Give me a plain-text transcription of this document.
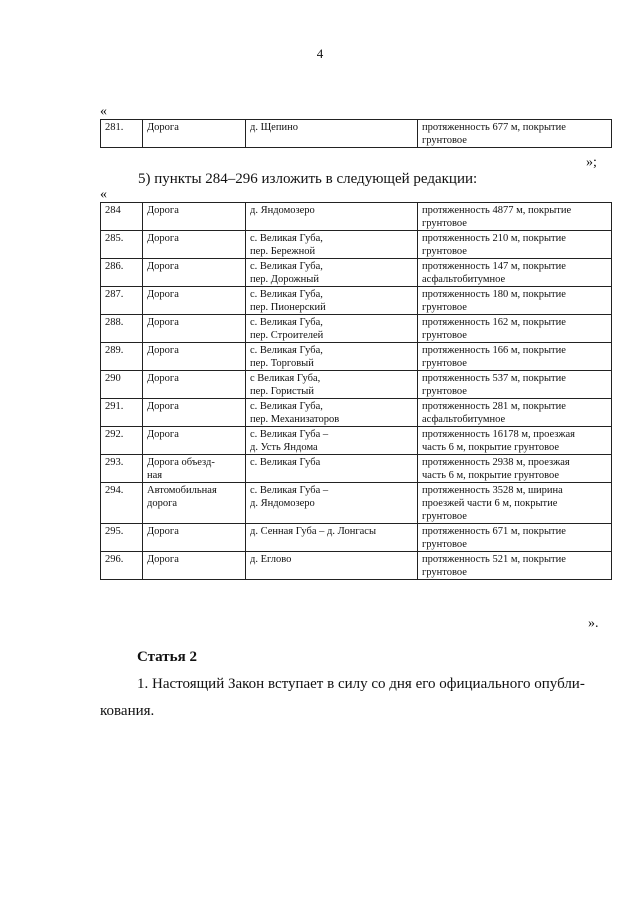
4
«
281.	Дорога	д. Щепино	протяженность 677 м, покрытие
грунтовое
»;
5) пункты 284–296 изложить в следующей редакции:
«
284	Дорога	д. Яндомозеро	протяженность 4877 м, покрытие
грунтовое

285.	Дорога	с. Великая Губа,
пер. Бережной	протяженность 210 м, покрытие
грунтовое

286.	Дорога	с. Великая Губа,
пер. Дорожный	протяженность 147 м, покрытие
асфальтобитумное

287.	Дорога	с. Великая Губа,
пер. Пионерский	протяженность 180 м, покрытие
грунтовое

288.	Дорога	с. Великая Губа,
пер. Строителей	протяженность 162 м, покрытие
грунтовое

289.	Дорога	с. Великая Губа,
пер. Торговый	протяженность 166 м, покрытие
грунтовое

290	Дорога	с Великая Губа,
пер. Гористый	протяженность 537 м, покрытие
грунтовое

291.	Дорога	с. Великая Губа,
пер. Механизаторов	протяженность 281 м, покрытие
асфальтобитумное

292.	Дорога	с. Великая Губа –
д. Усть Яндома	протяженность 16178 м, проезжая
часть 6 м, покрытие грунтовое

293.	Дорога объезд-
ная	с. Великая Губа	протяженность 2938 м, проезжая
часть 6 м, покрытие грунтовое

294.	Автомобильная
дорога	с. Великая Губа –
д. Яндомозеро	протяженность 3528 м, ширина
проезжей части 6 м, покрытие
грунтовое

295.	Дорога	д. Сенная Губа – д. Лонгасы	протяженность 671 м, покрытие
грунтовое

296.	Дорога	д. Еглово	протяженность 521 м, покрытие
грунтовое
».
Статья 2
1. Настоящий Закон вступает в силу со дня его официального опубли-
кования.
